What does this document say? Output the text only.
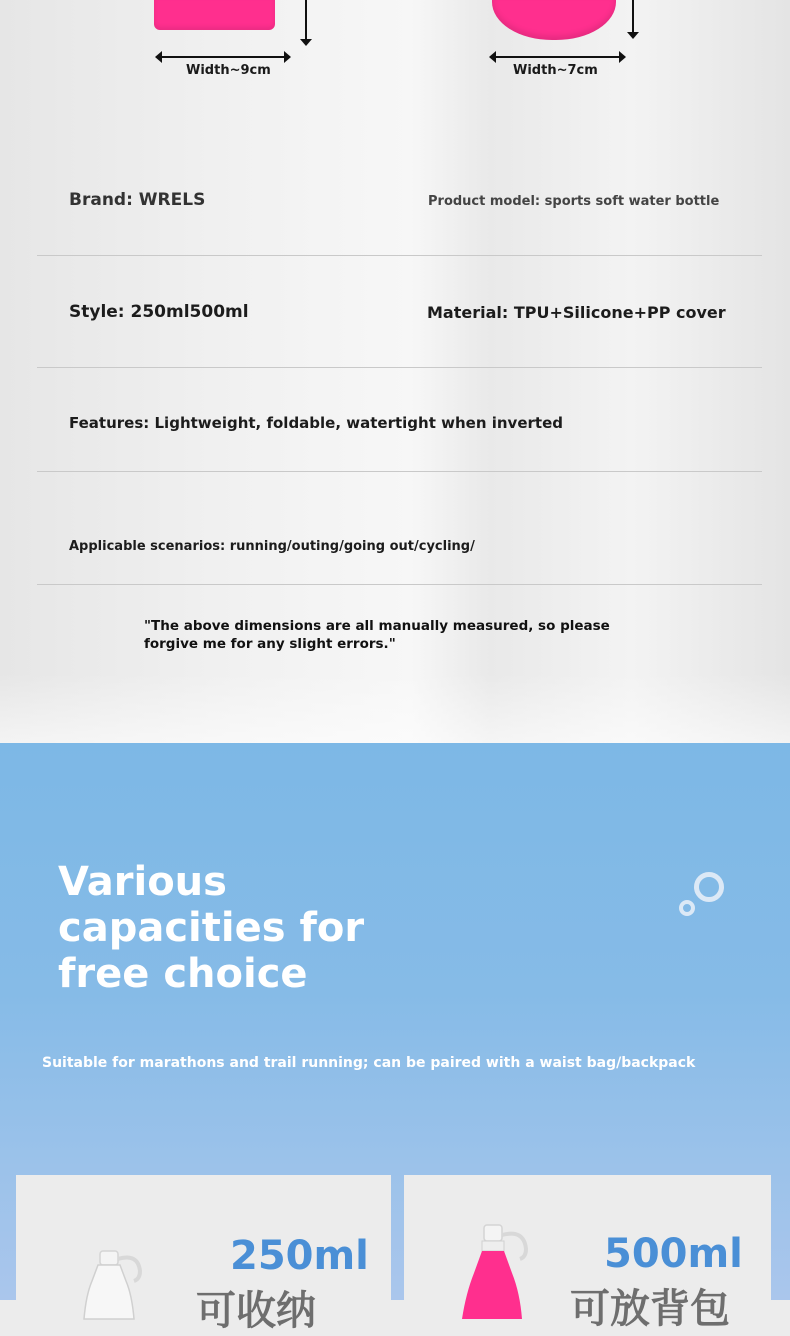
Width~9cm	Width~7cm
Brand: WRELS	Product model: sports soft water bottle
Style: 250ml500ml	Material: TPU+Silicone+PP cover
Features: Lightweight, foldable, watertight when inverted
Applicable scenarios: running/outing/going out/cycling/
"The above dimensions are all manually measured, so please forgive me for any slight errors."
Various capacities for free choice

Suitable for marathons and trail running; can be paired with a waist bag/backpack

250ml
可收纳
500ml
可放背包
